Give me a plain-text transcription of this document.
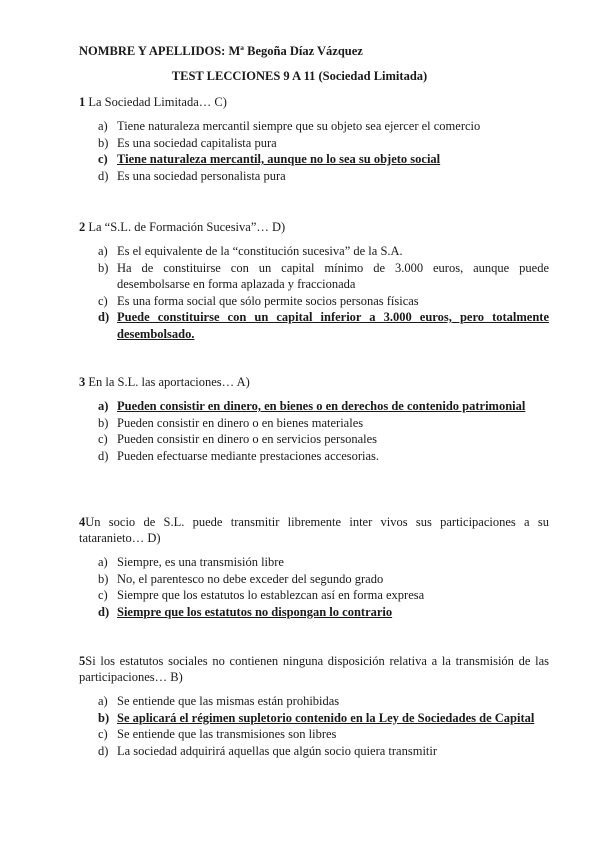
NOMBRE Y APELLIDOS: Mª Begoña Díaz Vázquez
TEST LECCIONES 9 A 11 (Sociedad Limitada)

1 La Sociedad Limitada… C)

a) Tiene naturaleza mercantil siempre que su objeto sea ejercer el comercio
b) Es una sociedad capitalista pura
c) Tiene naturaleza mercantil, aunque no lo sea su objeto social
d) Es una sociedad personalista pura

2 La “S.L. de Formación Sucesiva”… D)

a) Es el equivalente de la “constitución sucesiva” de la S.A.
b) Ha de constituirse con un capital mínimo de 3.000 euros, aunque puede desembolsarse en forma aplazada y fraccionada
c) Es una forma social que sólo permite socios personas físicas
d) Puede constituirse con un capital inferior a 3.000 euros, pero totalmente desembolsado.

3 En la S.L. las aportaciones… A)

a) Pueden consistir en dinero, en bienes o en derechos de contenido patrimonial
b) Pueden consistir en dinero o en bienes materiales
c) Pueden consistir en dinero o en servicios personales
d) Pueden efectuarse mediante prestaciones accesorias.

4Un socio de S.L. puede transmitir libremente inter vivos sus participaciones a su tataranieto… D)

a) Siempre, es una transmisión libre
b) No, el parentesco no debe exceder del segundo grado
c) Siempre que los estatutos lo establezcan así en forma expresa
d) Siempre que los estatutos no dispongan lo contrario

5Si los estatutos sociales no contienen ninguna disposición relativa a la transmisión de las participaciones… B)

a) Se entiende que las mismas están prohibidas
b) Se aplicará el régimen supletorio contenido en la Ley de Sociedades de Capital
c) Se entiende que las transmisiones son libres
d) La sociedad adquirirá aquellas que algún socio quiera transmitir
